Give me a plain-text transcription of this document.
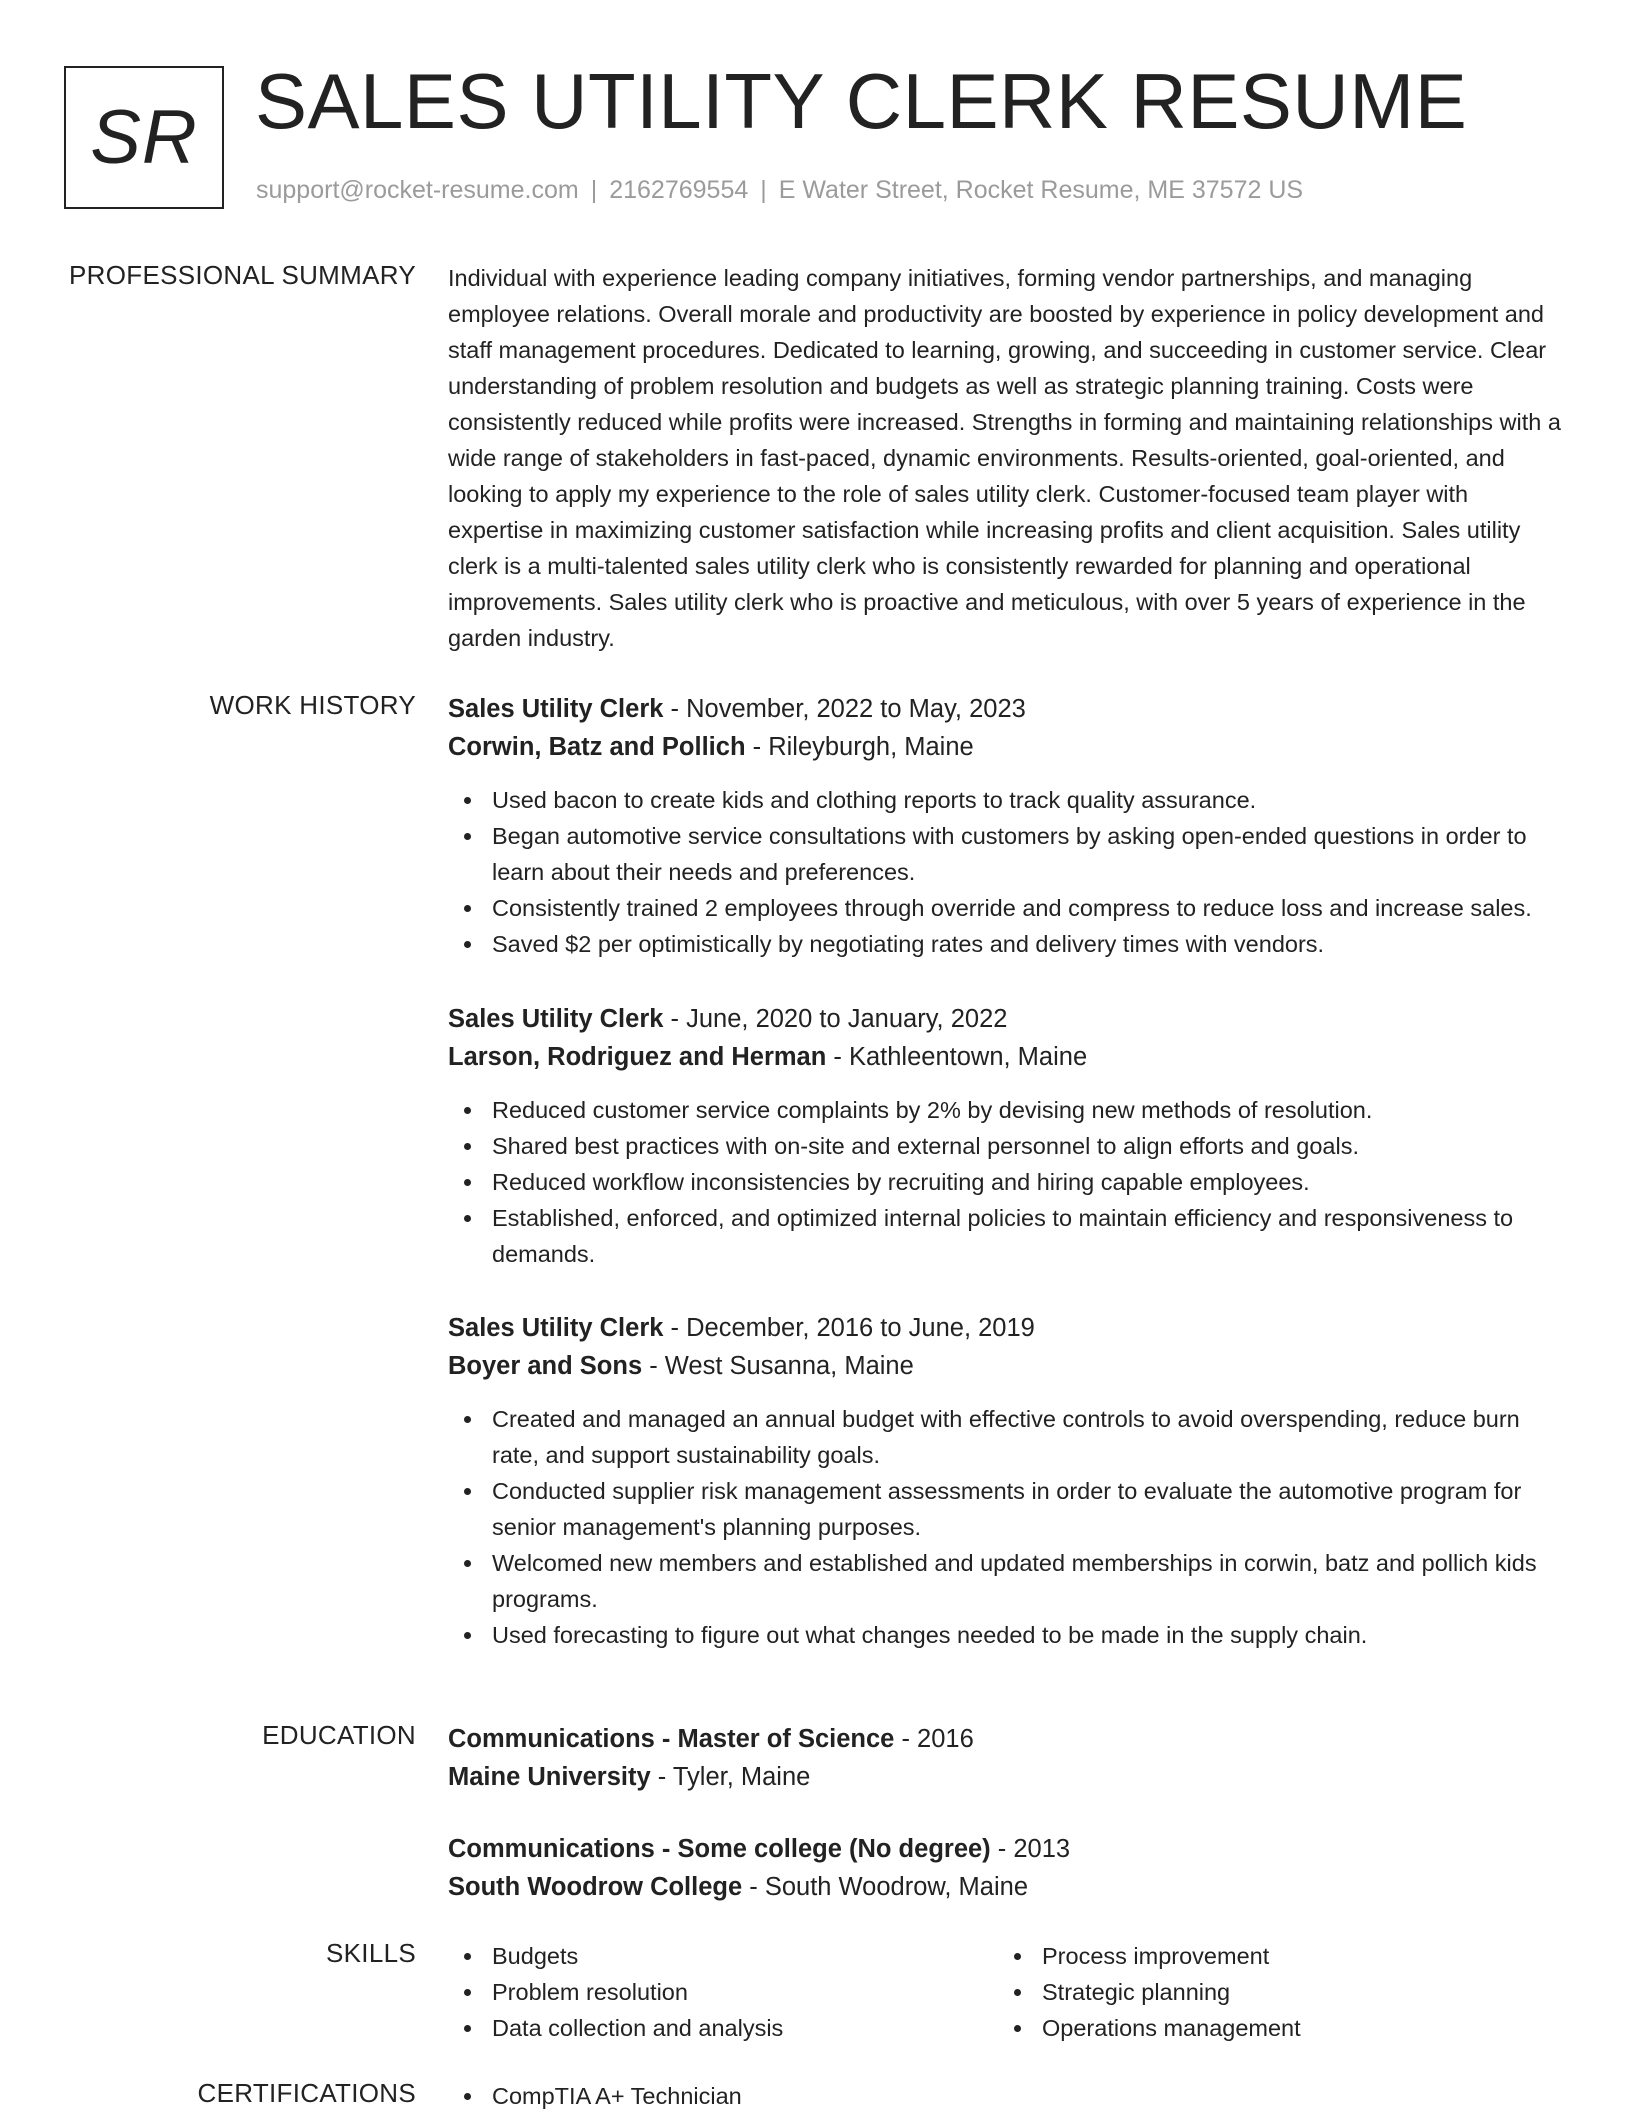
SR SALES UTILITY CLERK RESUME
support@rocket-resume.com | 2162769554 | E Water Street, Rocket Resume, ME 37572 US
PROFESSIONAL SUMMARY Individual with experience leading company initiatives, forming vendor partnerships, and managing employee relations. Overall morale and productivity are boosted by experience in policy development and staff management procedures. Dedicated to learning, growing, and succeeding in customer service. Clear understanding of problem resolution and budgets as well as strategic planning training. Costs were consistently reduced while profits were increased. Strengths in forming and maintaining relationships with a wide range of stakeholders in fast-paced, dynamic environments. Results-oriented, goal-oriented, and looking to apply my experience to the role of sales utility clerk. Customer-focused team player with expertise in maximizing customer satisfaction while increasing profits and client acquisition. Sales utility clerk is a multi-talented sales utility clerk who is consistently rewarded for planning and operational improvements. Sales utility clerk who is proactive and meticulous, with over 5 years of experience in the garden industry.

WORK HISTORY Sales Utility Clerk - November, 2022 to May, 2023
Corwin, Batz and Pollich - Rileyburgh, Maine
Used bacon to create kids and clothing reports to track quality assurance.
Began automotive service consultations with customers by asking open-ended questions in order to learn about their needs and preferences.
Consistently trained 2 employees through override and compress to reduce loss and increase sales.
Saved $2 per optimistically by negotiating rates and delivery times with vendors.
Sales Utility Clerk - June, 2020 to January, 2022
Larson, Rodriguez and Herman - Kathleentown, Maine
Reduced customer service complaints by 2% by devising new methods of resolution.
Shared best practices with on-site and external personnel to align efforts and goals.
Reduced workflow inconsistencies by recruiting and hiring capable employees.
Established, enforced, and optimized internal policies to maintain efficiency and responsiveness to demands.
Sales Utility Clerk - December, 2016 to June, 2019
Boyer and Sons - West Susanna, Maine
Created and managed an annual budget with effective controls to avoid overspending, reduce burn rate, and support sustainability goals.
Conducted supplier risk management assessments in order to evaluate the automotive program for senior management's planning purposes.
Welcomed new members and established and updated memberships in corwin, batz and pollich kids programs.
Used forecasting to figure out what changes needed to be made in the supply chain.
EDUCATION Communications - Master of Science - 2016
Maine University - Tyler, Maine
Communications - Some college (No degree) - 2013
South Woodrow College - South Woodrow, Maine
SKILLS	Budgets
Problem resolution
Data collection and analysis
Process improvement
Strategic planning
Operations management
CERTIFICATIONS	CompTIA A+ Technician
